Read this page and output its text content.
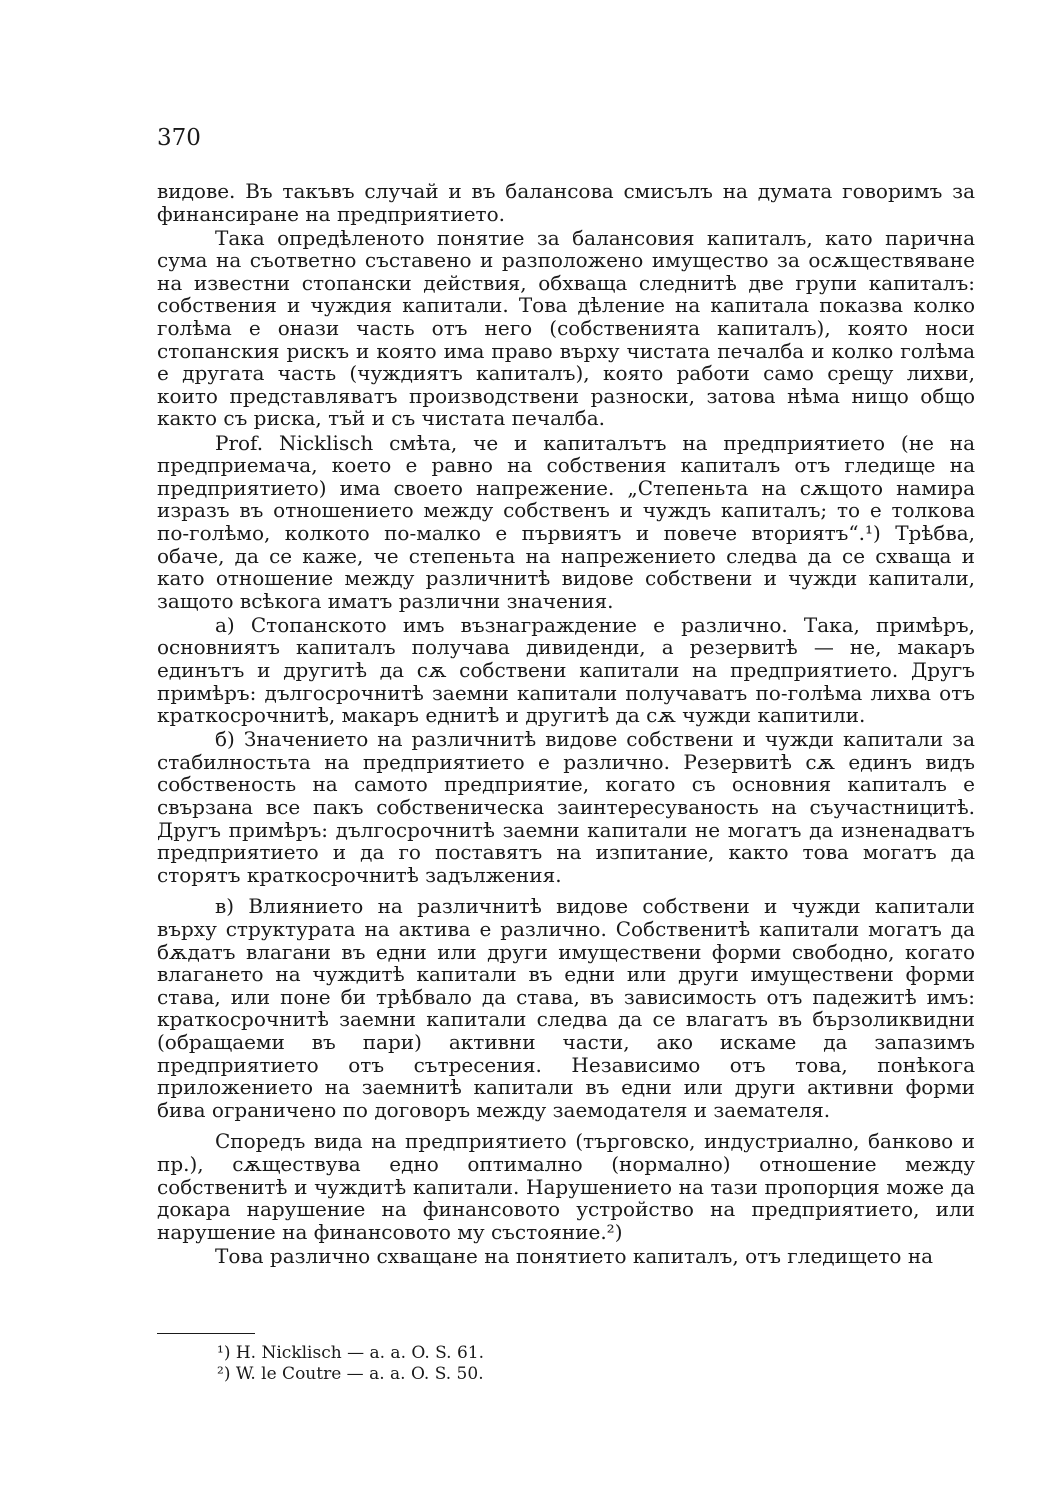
370

видове. Въ такъвъ случай и въ балансова смисълъ на думата говоримъ за финансиране на предприятието.

Така опредѣленото понятие за балансовия капиталъ, като парична сума на съответно съставено и разположено имущество за осѫществяване на известни стопански действия, обхваща следнитѣ две групи капиталъ: собствения и чуждия капитали. Това дѣление на капитала показва колко голѣма е онази часть отъ него (собственията капиталъ), която носи стопанския рискъ и която има право върху чистата печалба и колко голѣма е другата часть (чуждиятъ капиталъ), която работи само срещу лихви, които представляватъ производствени разноски, затова нѣма нищо общо както съ риска, тъй и съ чистата печалба.

Prof. Nicklisch смѣта, че и капиталътъ на предприятието (не на предприемача, което е равно на собствения капиталъ отъ гледище на предприятието) има своето напрежение. „Степеньта на сѫщото намира изразъ въ отношението между собственъ и чуждъ капиталъ; то е толкова по-голѣмо, колкото по-малко е първиятъ и повече вториятъ“.¹) Трѣбва, обаче, да се каже, че степеньта на напрежението следва да се схваща и като отношение между различнитѣ видове собствени и чужди капитали, защото всѣкога иматъ различни значения.

а) Стопанското имъ възнаграждение е различно. Така, примѣръ, основниятъ капиталъ получава дивиденди, а резервитѣ — не, макаръ единътъ и другитѣ да сѫ собствени капитали на предприятието. Другъ примѣръ: дългосрочнитѣ заемни капитали получаватъ по-голѣма лихва отъ краткосрочнитѣ, макаръ еднитѣ и другитѣ да сѫ чужди капитили.

б) Значението на различнитѣ видове собствени и чужди капитали за стабилностьта на предприятието е различно. Резервитѣ сѫ единъ видъ собственость на самото предприятие, когато съ основния капиталъ е свързана все пакъ собственическа заинтересуваность на съучастницитѣ. Другъ примѣръ: дългосрочнитѣ заемни капитали не могатъ да изненадватъ предприятието и да го поставятъ на изпитание, както това могатъ да сторятъ краткосрочнитѣ задължения.

в) Влиянието на различнитѣ видове собствени и чужди капитали върху структурата на актива е различно. Собственитѣ капитали могатъ да бѫдатъ влагани въ едни или други имуществени форми свободно, когато влагането на чуждитѣ капитали въ едни или други имуществени форми става, или поне би трѣбвало да става, въ зависимость отъ падежитѣ имъ: краткосрочнитѣ заемни капитали следва да се влагатъ въ бързоликвидни (обращаеми въ пари) активни части, ако искаме да запазимъ предприятието отъ сътресения. Независимо отъ това, понѣкога приложението на заемнитѣ капитали въ едни или други активни форми бива ограничено по договоръ между заемодателя и заемателя.

Споредъ вида на предприятието (търговско, индустриално, банково и пр.), сѫществува едно оптимално (нормално) отношение между собственитѣ и чуждитѣ капитали. Нарушението на тази пропорция може да докара нарушение на финансовото устройство на предприятието, или нарушение на финансовото му състояние.²)

Това различно схващане на понятието капиталъ, отъ гледището на

¹) H. Nicklisch — a. a. O. S. 61.

²) W. le Coutre — a. a. O. S. 50.
